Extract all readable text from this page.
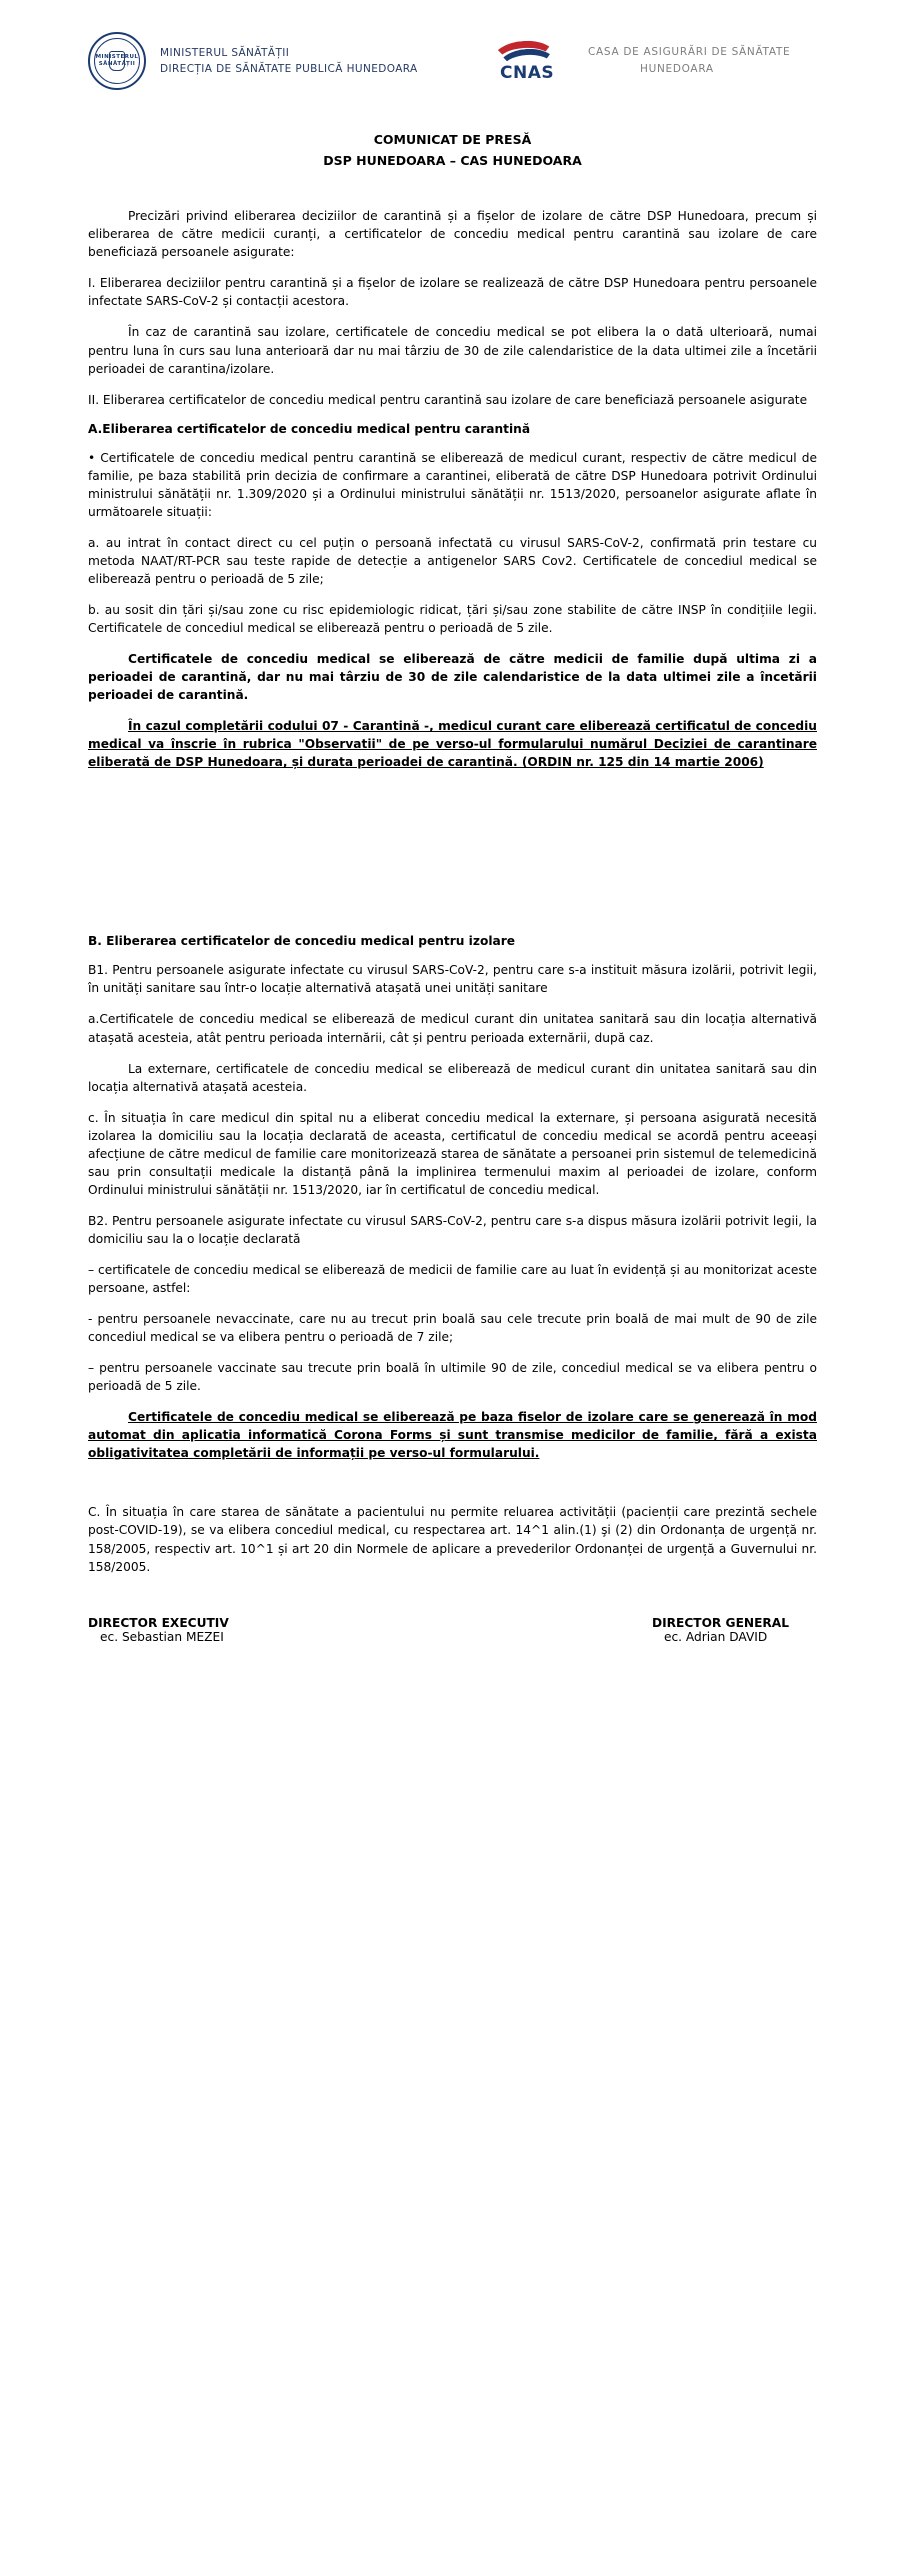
MINISTERUL SĂNĂTĂȚII
MINISTERUL SĂNĂTĂȚII
DIRECȚIA DE SĂNĂTATE PUBLICĂ HUNEDOARA	CNAS
CASA DE ASIGURĂRI DE SĂNĂTATE
HUNEDOARA
COMUNICAT DE PRESĂ
DSP HUNEDOARA – CAS HUNEDOARA

Precizări privind eliberarea deciziilor de carantină și a fișelor de izolare de către DSP Hunedoara, precum și eliberarea de către medicii curanți, a certificatelor de concediu medical pentru carantină sau izolare de care beneficiază persoanele asigurate:

I. Eliberarea deciziilor pentru carantină și a fișelor de izolare se realizează de către DSP Hunedoara pentru persoanele infectate SARS-CoV-2 și contacții acestora.

În caz de carantină sau izolare, certificatele de concediu medical se pot elibera la o dată ulterioară, numai pentru luna în curs sau luna anterioară dar nu mai târziu de 30 de zile calendaristice de la data ultimei zile a încetării perioadei de carantina/izolare.

II. Eliberarea certificatelor de concediu medical pentru carantină sau izolare de care beneficiază persoanele asigurate

A.Eliberarea certificatelor de concediu medical pentru carantină

• Certificatele de concediu medical pentru carantină se eliberează de medicul curant, respectiv de către medicul de familie, pe baza stabilită prin decizia de confirmare a carantinei, eliberată de către DSP Hunedoara potrivit Ordinului ministrului sănătății nr. 1.309/2020 și a Ordinului ministrului sănătății nr. 1513/2020, persoanelor asigurate aflate în următoarele situații:

a. au intrat în contact direct cu cel puțin o persoană infectată cu virusul SARS-CoV-2, confirmată prin testare cu metoda NAAT/RT-PCR sau teste rapide de detecție a antigenelor SARS Cov2. Certificatele de concediul medical se eliberează pentru o perioadă de 5 zile;

b. au sosit din țări și/sau zone cu risc epidemiologic ridicat, țări și/sau zone stabilite de către INSP în condițiile legii. Certificatele de concediul medical se eliberează pentru o perioadă de 5 zile.

Certificatele de concediu medical se eliberează de către medicii de familie după ultima zi a perioadei de carantină, dar nu mai târziu de 30 de zile calendaristice de la data ultimei zile a încetării perioadei de carantină.

În cazul completării codului 07 - Carantină -, medicul curant care eliberează certificatul de concediu medical va înscrie în rubrica "Observatii" de pe verso-ul formularului numărul Deciziei de carantinare eliberată de DSP Hunedoara, și durata perioadei de carantină. (ORDIN nr. 125 din 14 martie 2006)

B. Eliberarea certificatelor de concediu medical pentru izolare

B1. Pentru persoanele asigurate infectate cu virusul SARS-CoV-2, pentru care s-a instituit măsura izolării, potrivit legii, în unități sanitare sau într-o locație alternativă atașată unei unități sanitare

a.Certificatele de concediu medical se eliberează de medicul curant din unitatea sanitară sau din locația alternativă atașată acesteia, atât pentru perioada internării, cât și pentru perioada externării, după caz.

La externare, certificatele de concediu medical se eliberează de medicul curant din unitatea sanitară sau din locația alternativă atașată acesteia.

c. În situația în care medicul din spital nu a eliberat concediu medical la externare, și persoana asigurată necesită izolarea la domiciliu sau la locația declarată de aceasta, certificatul de concediu medical se acordă pentru aceeași afecțiune de către medicul de familie care monitorizează starea de sănătate a persoanei prin sistemul de telemedicină sau prin consultații medicale la distanță până la implinirea termenului maxim al perioadei de izolare, conform Ordinului ministrului sănătății nr. 1513/2020, iar în certificatul de concediu medical.

B2. Pentru persoanele asigurate infectate cu virusul SARS-CoV-2, pentru care s-a dispus măsura izolării potrivit legii, la domiciliu sau la o locație declarată

– certificatele de concediu medical se eliberează de medicii de familie care au luat în evidență și au monitorizat aceste persoane, astfel:

- pentru persoanele nevaccinate, care nu au trecut prin boală sau cele trecute prin boală de mai mult de 90 de zile concediul medical se va elibera pentru o perioadă de 7 zile;

– pentru persoanele vaccinate sau trecute prin boală în ultimile 90 de zile, concediul medical se va elibera pentru o perioadă de 5 zile.

Certificatele de concediu medical se eliberează pe baza fiselor de izolare care se generează în mod automat din aplicatia informatică Corona Forms și sunt transmise medicilor de familie, fără a exista obligativitatea completării de informații pe verso-ul formularului.

C. În situația în care starea de sănătate a pacientului nu permite reluarea activității (pacienții care prezintă sechele post-COVID-19), se va elibera concediul medical, cu respectarea art. 14^1 alin.(1) şi (2) din Ordonanța de urgență nr. 158/2005, respectiv art. 10^1 și art 20 din Normele de aplicare a prevederilor Ordonanței de urgență a Guvernului nr. 158/2005.

DIRECTOR EXECUTIV
ec. Sebastian MEZEI
DIRECTOR GENERAL
ec. Adrian DAVID
